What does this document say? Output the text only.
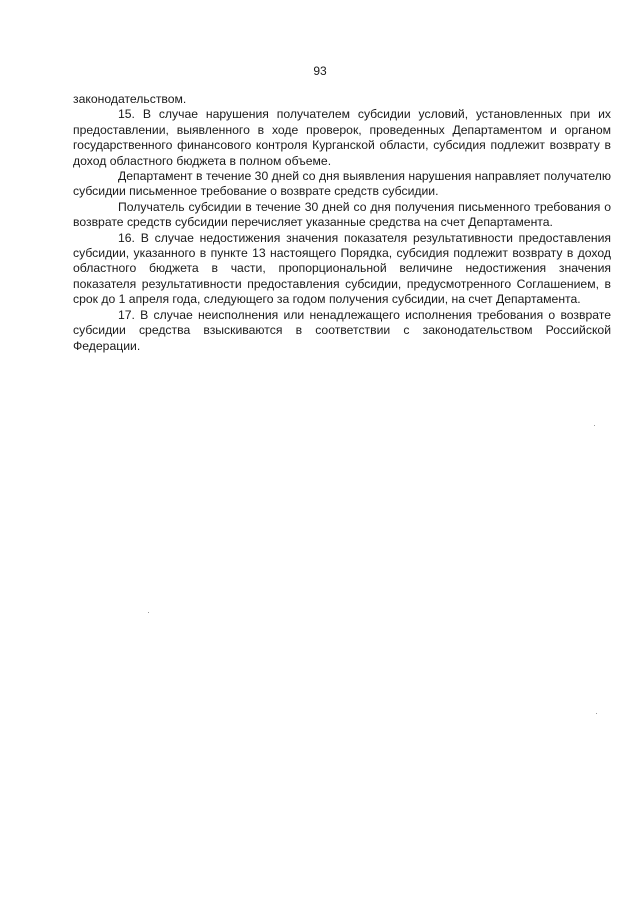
93

законодательством.

15. В случае нарушения получателем субсидии условий, установленных при их предоставлении, выявленного в ходе проверок, проведенных Департаментом и органом государственного финансового контроля Курганской области, субсидия подлежит возврату в доход областного бюджета в полном объеме.

Департамент в течение 30 дней со дня выявления нарушения направляет получателю субсидии письменное требование о возврате средств субсидии.

Получатель субсидии в течение 30 дней со дня получения письменного требования о возврате средств субсидии перечисляет указанные средства на счет Департамента.

16. В случае недостижения значения показателя результативности предоставления субсидии, указанного в пункте 13 настоящего Порядка, субсидия подлежит возврату в доход областного бюджета в части, пропорциональной величине недостижения значения показателя результативности предоставления субсидии, предусмотренного Соглашением, в срок до 1 апреля года, следующего за годом получения субсидии, на счет Департамента.

17. В случае неисполнения или ненадлежащего исполнения требования о возврате субсидии средства взыскиваются в соответствии с законодательством Российской Федерации.
